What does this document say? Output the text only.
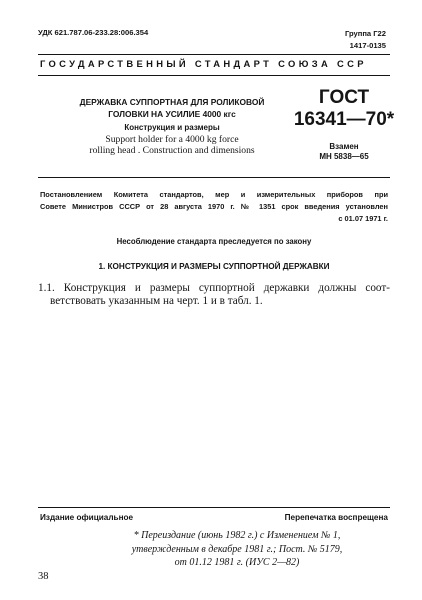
УДК 621.787.06-233.28:006.354	Группа Г22
1417-0135
ГОСУДАРСТВЕННЫЙ СТАНДАРТ СОЮЗА ССР
ДЕРЖАВКА СУППОРТНАЯ ДЛЯ РОЛИКОВОЙ
ГОЛОВКИ НА УСИЛИЕ 4000 кгс
Конструкция и размеры
Support holder for a 4000 kg force
rolling head . Construction and dimensions
ГОСТ
16341—70*
Взамен
МН 5838—65
Постановлением Комитета стандартов, мер и измерительных приборов при
Совете Министров СССР от 28 августа 1970 г. № 1351 срок введения установлен
с 01.07 1971 г.
Несоблюдение стандарта преследуется по закону
1. КОНСТРУКЦИЯ И РАЗМЕРЫ СУППОРТНОЙ ДЕРЖАВКИ
1.1. Конструкция и размеры суппортной державки должны соот-
ветствовать указанным на черт. 1 и в табл. 1.
Издание официальное	Перепечатка воспрещена
* Переиздание (июнь 1982 г.) с Изменением № 1,
утвержденным в декабре 1981 г.; Пост. № 5179,
от 01.12 1981 г. (ИУС 2—82)
38
